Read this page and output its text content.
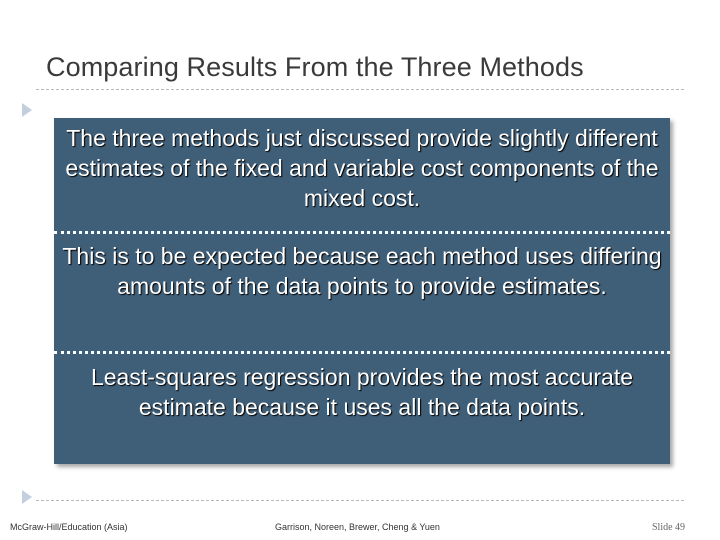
Comparing Results From the Three Methods
The three methods just discussed provide slightly different estimates of the fixed and variable cost components of the mixed cost.
This is to be expected because each method uses differing amounts of the data points to provide estimates.
Least-squares regression provides the most accurate estimate because it uses all the data points.
McGraw-Hill/Education (Asia)	Garrison, Noreen, Brewer, Cheng & Yuen	Slide 49
